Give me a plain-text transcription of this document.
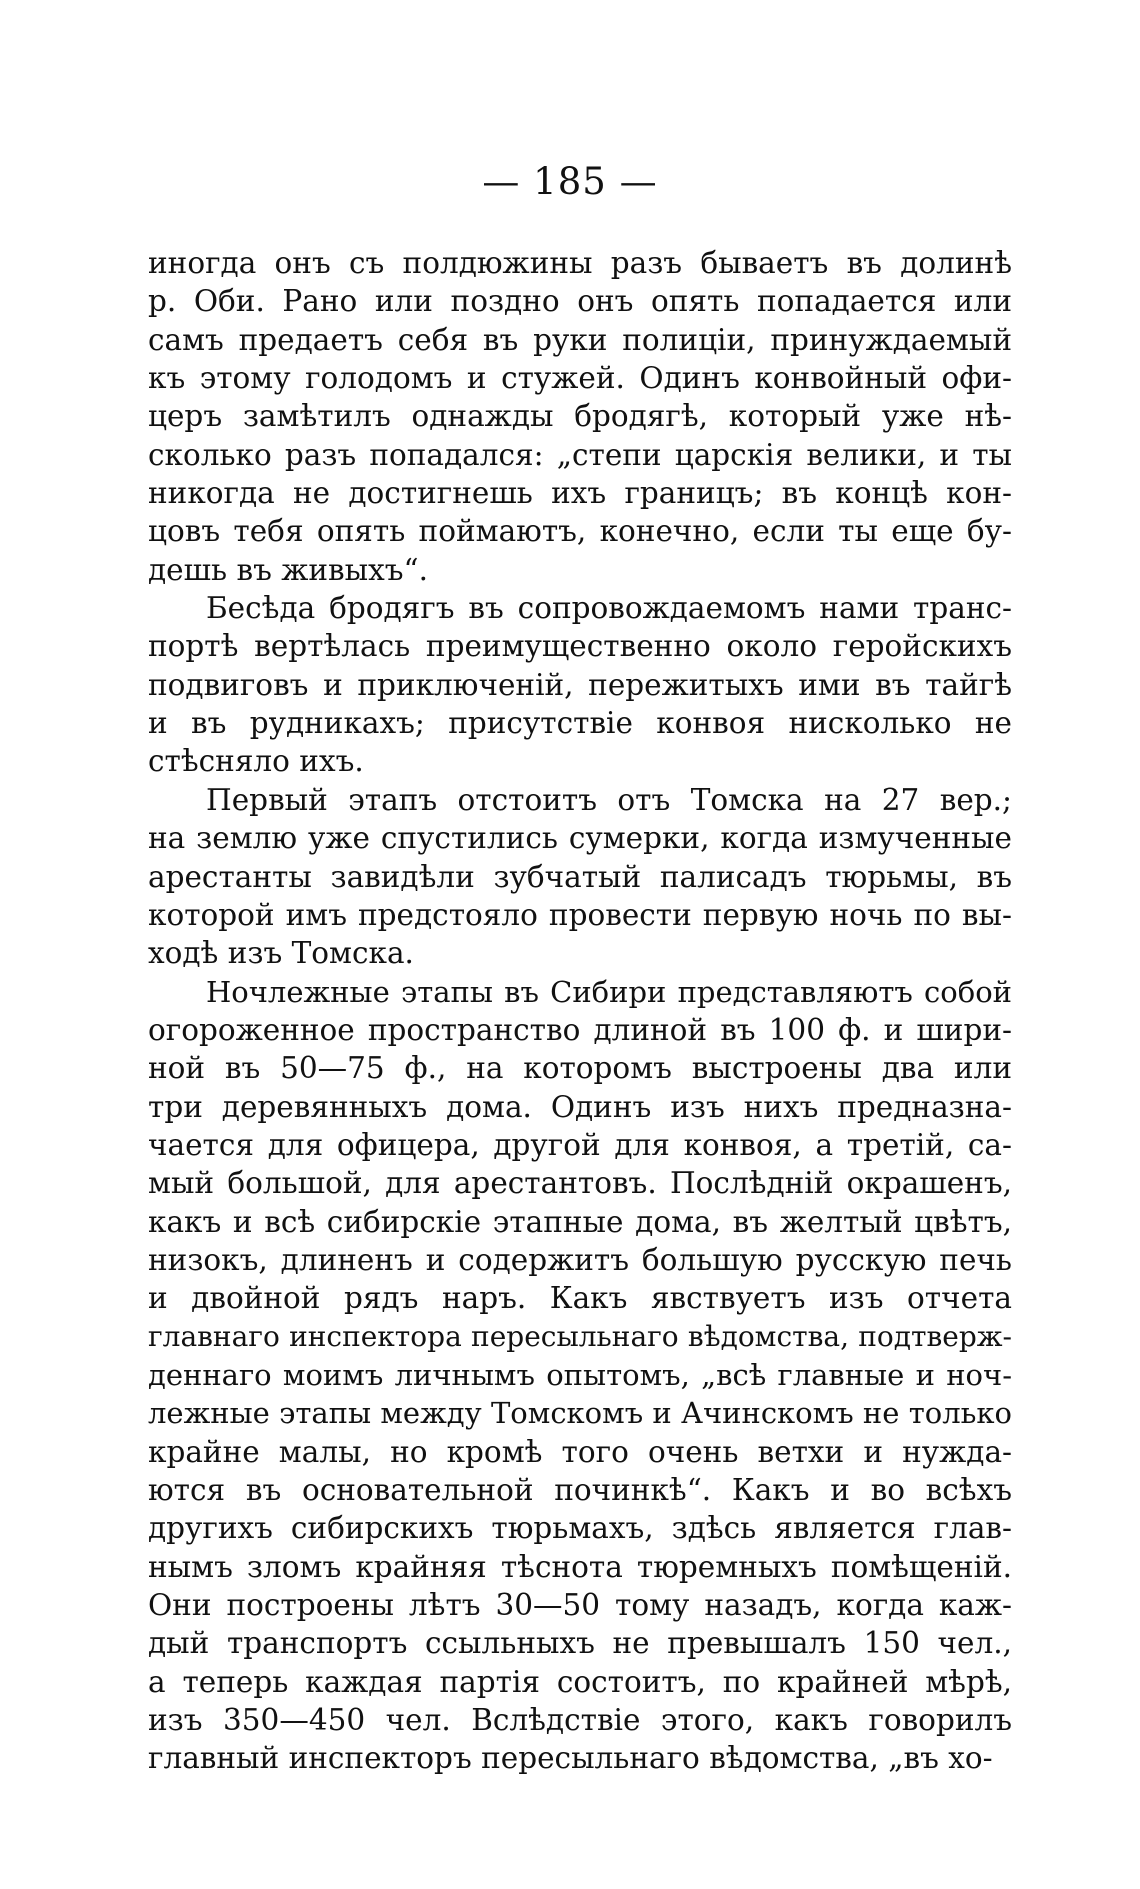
— 185 —
иногда онъ съ полдюжины разъ бываетъ въ долинѣ
р. Оби. Рано или поздно онъ опять попадается или
самъ предаетъ себя въ руки полиціи, принуждаемый
къ этому голодомъ и стужей. Одинъ конвойный офи-
церъ замѣтилъ однажды бродягѣ, который уже нѣ-
сколько разъ попадался: „степи царскія велики, и ты
никогда не достигнешь ихъ границъ; въ концѣ кон-
цовъ тебя опять поймаютъ, конечно, если ты еще бу-
дешь въ живыхъ“.
Бесѣда бродягъ въ сопровождаемомъ нами транс-
портѣ вертѣлась преимущественно около геройскихъ
подвиговъ и приключеній, пережитыхъ ими въ тайгѣ
и въ рудникахъ; присутствіе конвоя нисколько не
стѣсняло ихъ.
Первый этапъ отстоитъ отъ Томска на 27 вер.;
на землю уже спустились сумерки, когда измученные
арестанты завидѣли зубчатый палисадъ тюрьмы, въ
которой имъ предстояло провести первую ночь по вы-
ходѣ изъ Томска.
Ночлежные этапы въ Сибири представляютъ собой
огороженное пространство длиной въ 100 ф. и шири-
ной въ 50—75 ф., на которомъ выстроены два или
три деревянныхъ дома. Одинъ изъ нихъ предназна-
чается для офицера, другой для конвоя, а третій, са-
мый большой, для арестантовъ. Послѣдній окрашенъ,
какъ и всѣ сибирскіе этапные дома, въ желтый цвѣтъ,
низокъ, длиненъ и содержитъ большую русскую печь
и двойной рядъ наръ. Какъ явствуетъ изъ отчета
главнаго инспектора пересыльнаго вѣдомства, подтверж-
деннаго моимъ личнымъ опытомъ, „всѣ главные и ноч-
лежные этапы между Томскомъ и Ачинскомъ не только
крайне малы, но кромѣ того очень ветхи и нужда-
ются въ основательной починкѣ“. Какъ и во всѣхъ
другихъ сибирскихъ тюрьмахъ, здѣсь является глав-
нымъ зломъ крайняя тѣснота тюремныхъ помѣщеній.
Они построены лѣтъ 30—50 тому назадъ, когда каж-
дый транспортъ ссыльныхъ не превышалъ 150 чел.,
а теперь каждая партія состоитъ, по крайней мѣрѣ,
изъ 350—450 чел. Вслѣдствіе этого, какъ говорилъ
главный инспекторъ пересыльнаго вѣдомства, „въ хо-
